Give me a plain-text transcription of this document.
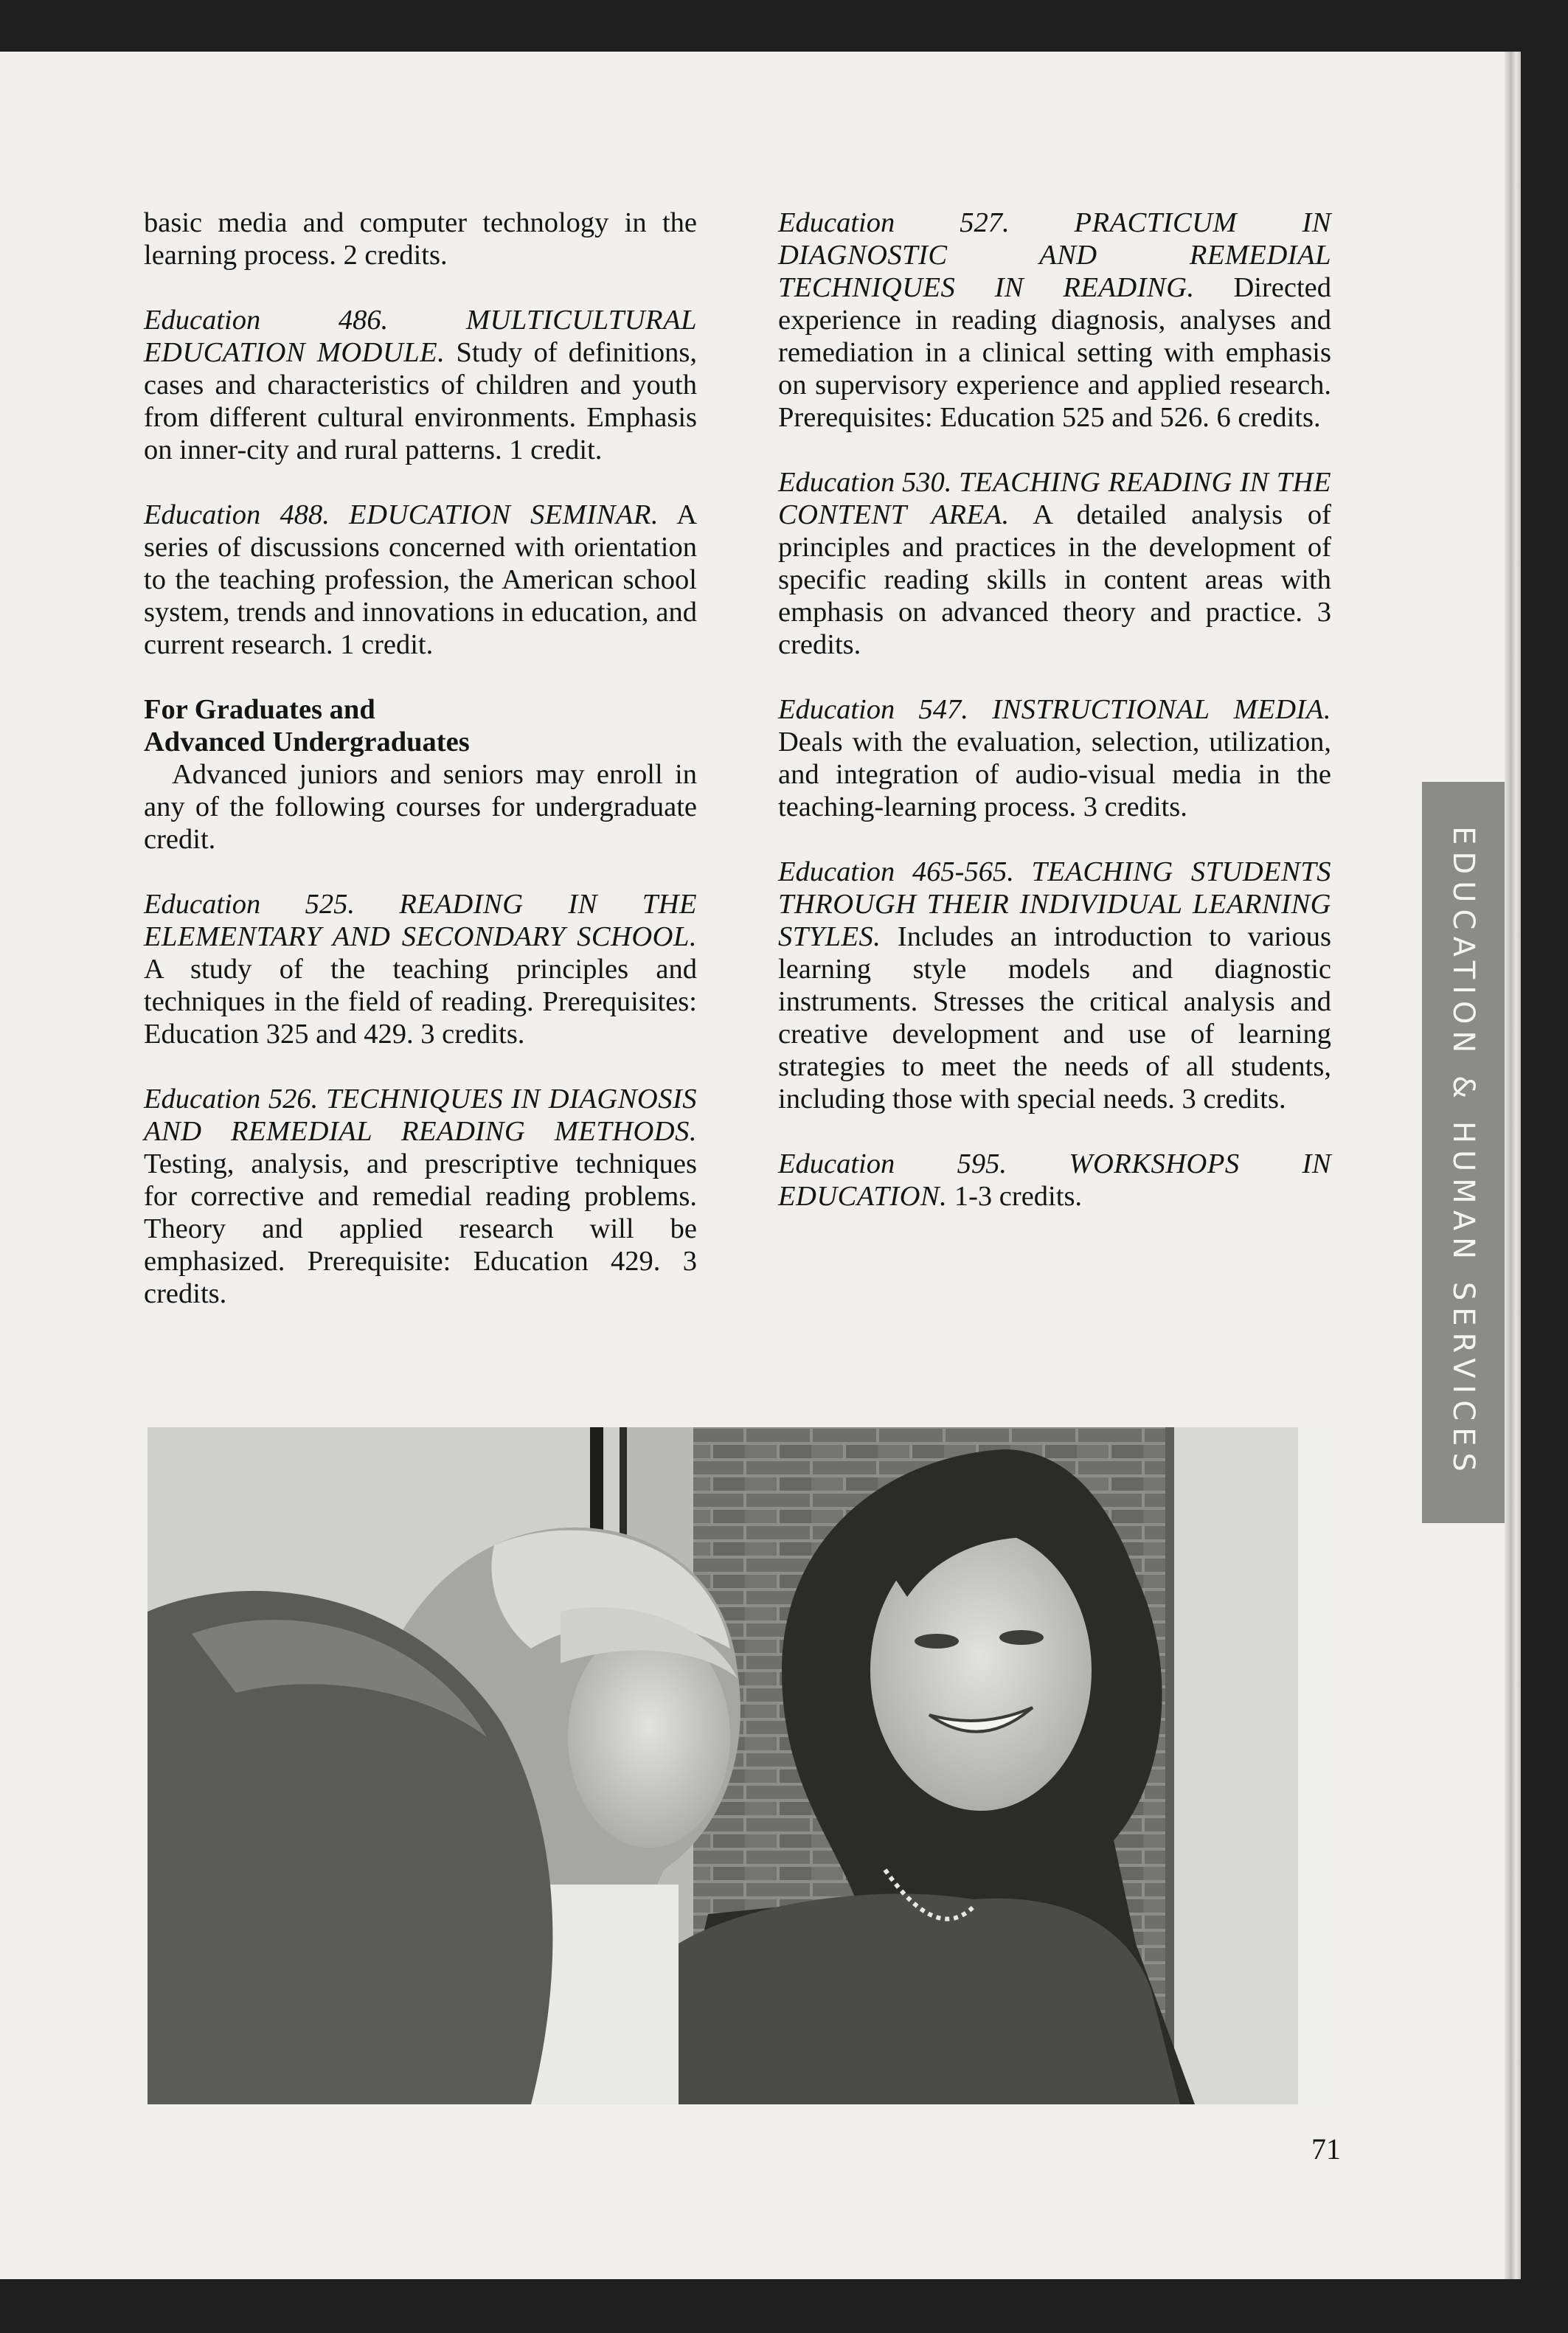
basic media and computer technology in the learning process. 2 credits.

Education 486.	MULTICULTURAL EDUCATION MODULE. Study of definitions, cases and characteristics of children and youth from different cultural environments. Emphasis on inner-city and rural patterns. 1 credit.

Education 488. EDUCATION SEMINAR. A series of discussions concerned with orientation to the teaching profession, the American school system, trends and innovations in education, and current research. 1 credit.

For Graduates and

Advanced Undergraduates

Advanced juniors and seniors may enroll in any of the following courses for undergraduate credit.

Education 525. READING IN THE ELEMENTARY AND SECONDARY SCHOOL. A study of the teaching principles and techniques in the field of reading. Prerequisites: Education 325 and 429. 3 credits.

Education 526. TECHNIQUES IN DIAGNOSIS AND REMEDIAL READING METHODS. Testing, analysis, and prescriptive techniques for corrective and remedial reading problems. Theory and applied research will be emphasized. Prerequisite: Education 429. 3 credits.

Education 527. PRACTICUM IN DIAGNOSTIC AND REMEDIAL TECHNIQUES IN READING. Directed experience in reading diagnosis, analyses and remediation in a clinical setting with emphasis on supervisory experience and applied research. Prerequisites: Education 525 and 526. 6 credits.

Education 530. TEACHING READING IN THE CONTENT AREA. A detailed analysis of principles and practices in the development of specific reading skills in content areas with emphasis on advanced theory and practice. 3 credits.

Education 547. INSTRUCTIONAL MEDIA. Deals with the evaluation, selection, utilization, and integration of audio-visual media in the teaching-learning process. 3 credits.

Education 465-565. TEACHING STUDENTS THROUGH THEIR INDIVIDUAL LEARNING STYLES. Includes an introduction to various learning style models and diagnostic instruments. Stresses the critical analysis and creative development and use of learning strategies to meet the needs of all students, including those with special needs. 3 credits.

Education 595. WORKSHOPS IN EDUCATION. 1-3 credits.	EDUCATION & HUMAN SERVICES
71
